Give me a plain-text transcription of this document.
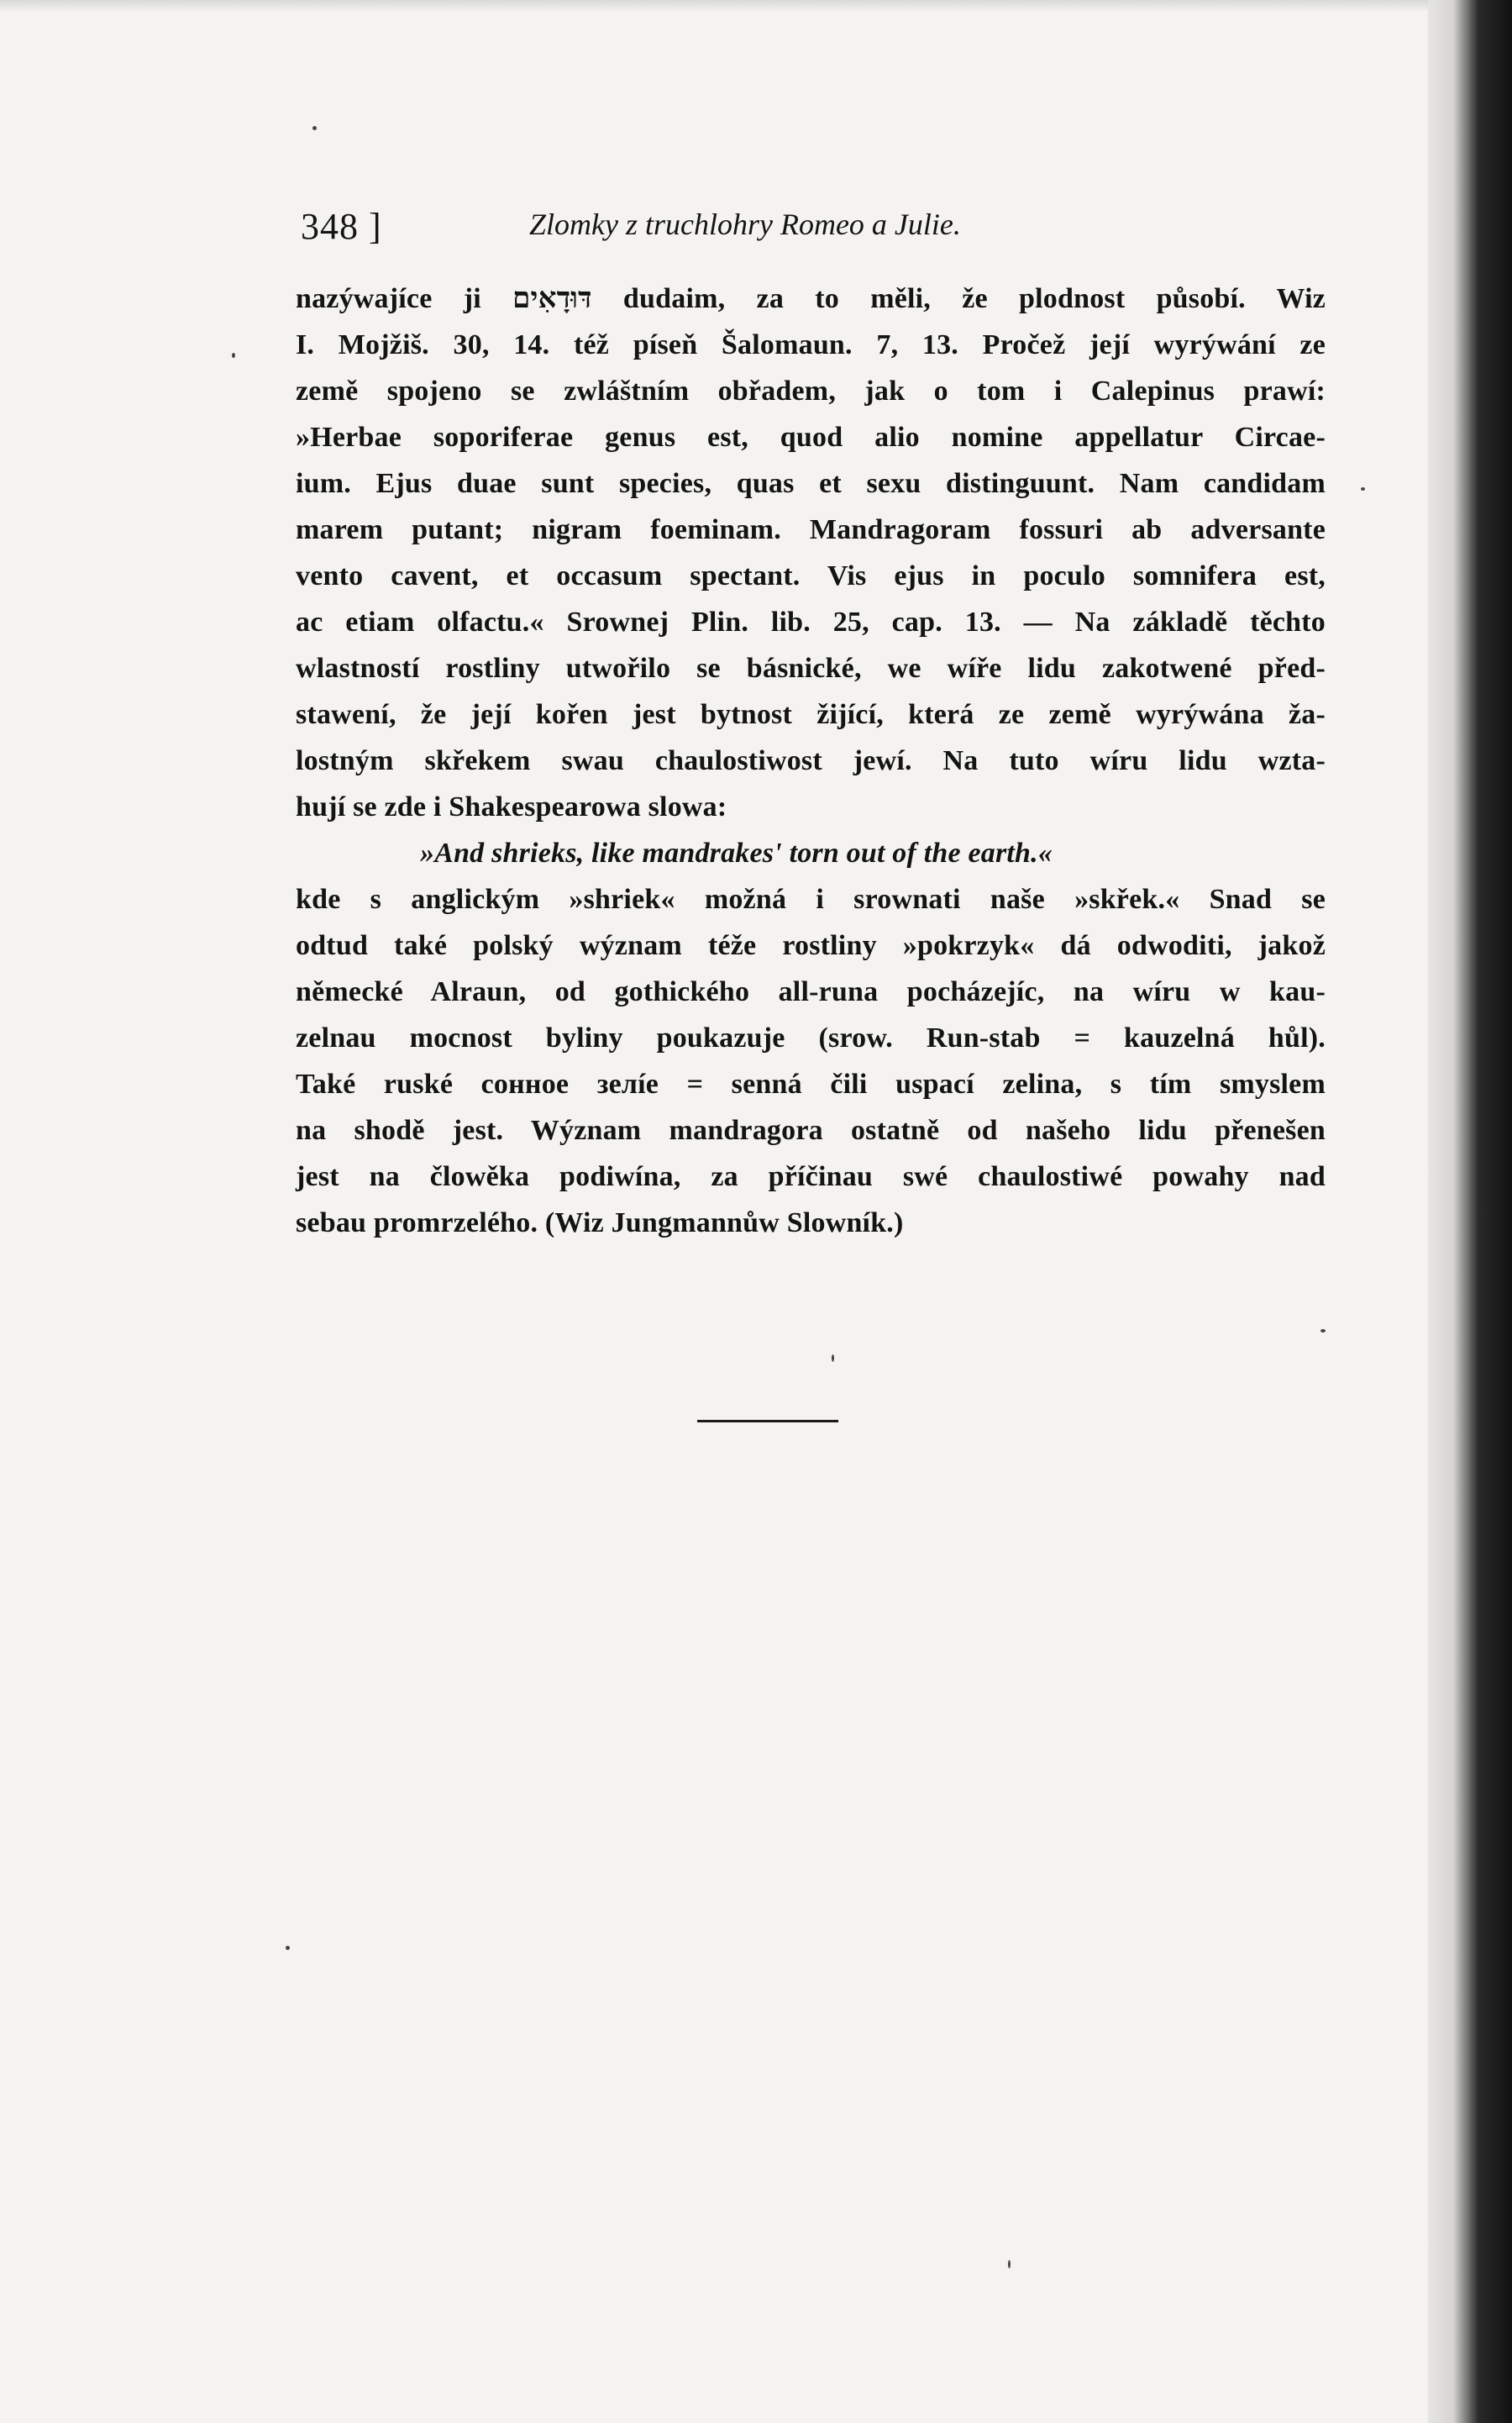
348 ]	Zlomky z truchlohry Romeo a Julie.
nazýwajíce ji דּוּדָאִים dudaim, za to měli, že plodnost působí. Wiz
I. Mojžiš. 30, 14. též píseň Šalomaun. 7, 13. Pročež její wyrýwání ze
země spojeno se zwláštním obřadem, jak o tom i Calepinus prawí:
»Herbae soporiferae genus est, quod alio nomine appellatur Circae-
ium. Ejus duae sunt species, quas et sexu distinguunt. Nam candidam
marem putant; nigram foeminam. Mandragoram fossuri ab adversante
vento cavent, et occasum spectant. Vis ejus in poculo somnifera est,
ac etiam olfactu.« Srownej Plin. lib. 25, cap. 13. — Na základě těchto
wlastností rostliny utwořilo se básnické, we wíře lidu zakotwené před-
stawení, že její kořen jest bytnost žijící, která ze země wyrýwána ža-
lostným skřekem swau chaulostiwost jewí. Na tuto wíru lidu wzta-
hují se zde i Shakespearowa slowa:
»And shrieks, like mandrakes' torn out of the earth.«
kde s anglickým »shriek« možná i srownati naše »skřek.« Snad se
odtud také polský wýznam téže rostliny »pokrzyk« dá odwoditi, jakož
německé Alraun, od gothického all-runa pocházejíc, na wíru w kau-
zelnau mocnost byliny poukazuje (srow. Run-stab = kauzelná hůl).
Také ruské сонное зелíе = senná čili uspací zelina, s tím smyslem
na shodě jest. Wýznam mandragora ostatně od našeho lidu přenešen
jest na člowěka podiwína, za příčinau swé chaulostiwé powahy nad
sebau promrzelého. (Wiz Jungmannůw Slowník.)
